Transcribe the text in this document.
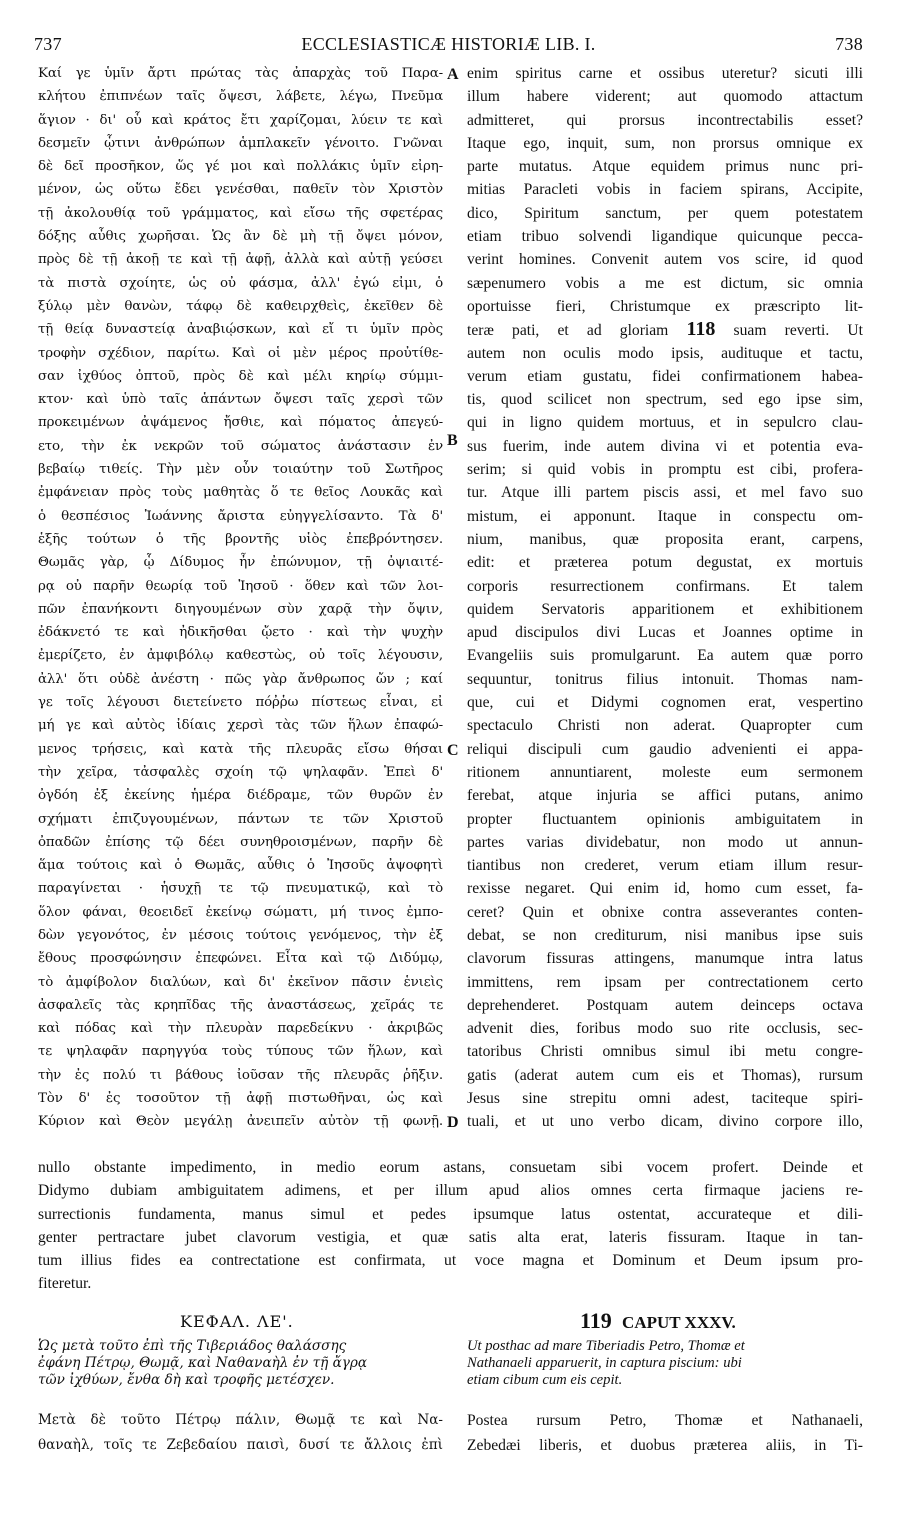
737	ECCLESIASTICÆ HISTORIÆ LIB. I.	738
Καί γε ὑμῖν ἄρτι πρώτας τὰς ἀπαρχὰς τοῦ Παρα-
κλήτου ἐπιπνέων ταῖς ὄψεσι, λάβετε, λέγω, Πνεῦμα
ἅγιον · δι' οὗ καὶ κράτος ἔτι χαρίζομαι, λύειν τε καὶ
δεσμεῖν ᾧτινι ἀνθρώπων ἁμπλακεῖν γένοιτο. Γνῶναι
δὲ δεῖ προσῆκον, ὥς γέ μοι καὶ πολλάκις ὑμῖν εἰρη-
μένον, ὡς οὕτω ἔδει γενέσθαι, παθεῖν τὸν Χριστὸν
τῇ ἀκολουθίᾳ τοῦ γράμματος, καὶ εἴσω τῆς σφετέρας
δόξης αὖθις χωρῆσαι. Ὡς ἂν δὲ μὴ τῇ ὄψει μόνον,
πρὸς δὲ τῇ ἀκοῇ τε καὶ τῇ ἀφῇ, ἀλλὰ καὶ αὐτῇ γεύσει
τὰ πιστὰ σχοίητε, ὡς οὐ φάσμα, ἀλλ' ἐγώ εἰμι, ὁ
ξύλῳ μὲν θανὼν, τάφῳ δὲ καθειρχθεὶς, ἐκεῖθεν δὲ
τῇ θείᾳ δυναστείᾳ ἀναβιῴσκων, καὶ εἴ τι ὑμῖν πρὸς
τροφὴν σχέδιον, παρίτω. Καὶ οἱ μὲν μέρος προὐτίθε-
σαν ἰχθύος ὀπτοῦ, πρὸς δὲ καὶ μέλι κηρίῳ σύμμι-
κτον· καὶ ὑπὸ ταῖς ἁπάντων ὄψεσι ταῖς χερσὶ τῶν
προκειμένων ἀψάμενος ἤσθιε, καὶ πόματος ἀπεγεύ-
ετο, τὴν ἐκ νεκρῶν τοῦ σώματος ἀνάστασιν ἐν
βεβαίῳ τιθείς. Τὴν μὲν οὖν τοιαύτην τοῦ Σωτῆρος
ἐμφάνειαν πρὸς τοὺς μαθητὰς ὅ τε θεῖος Λουκᾶς καὶ
ὁ θεσπέσιος Ἰωάννης ἄριστα εὐηγγελίσαντο. Τὰ δ'
ἑξῆς τούτων ὁ τῆς βροντῆς υἱὸς ἐπεβρόντησεν.
Θωμᾶς γὰρ, ᾧ Δίδυμος ἦν ἐπώνυμον, τῇ ὀψιαιτέ-
ρᾳ οὐ παρῆν θεωρίᾳ τοῦ Ἰησοῦ · ὅθεν καὶ τῶν λοι-
πῶν ἐπανήκοντι διηγουμένων σὺν χαρᾷ τὴν ὄψιν,
ἐδάκνετό τε καὶ ἠδικῆσθαι ᾤετο · καὶ τὴν ψυχὴν
ἐμερίζετο, ἐν ἀμφιβόλῳ καθεστὼς, οὐ τοῖς λέγουσιν,
ἀλλ' ὅτι οὐδὲ ἀνέστη · πῶς γὰρ ἄνθρωπος ὤν ; καί
γε τοῖς λέγουσι διετείνετο πόῤῥω πίστεως εἶναι, εἰ
μή γε καὶ αὐτὸς ἰδίαις χερσὶ τὰς τῶν ἥλων ἐπαφώ-
μενος τρήσεις, καὶ κατὰ τῆς πλευρᾶς εἴσω θήσαι
τὴν χεῖρα, τἀσφαλὲς σχοίη τῷ ψηλαφᾶν. Ἐπεὶ δ'
ὀγδόη ἐξ ἐκείνης ἡμέρα διέδραμε, τῶν θυρῶν ἐν
σχήματι ἐπιζυγουμένων, πάντων τε τῶν Χριστοῦ
ὀπαδῶν ἐπίσης τῷ δέει συνηθροισμένων, παρῆν δὲ
ἅμα τούτοις καὶ ὁ Θωμᾶς, αὖθις ὁ Ἰησοῦς ἀψοφητὶ
παραγίνεται · ἡσυχῇ τε τῷ πνευματικῷ, καὶ τὸ
ὅλον φάναι, θεοειδεῖ ἐκείνῳ σώματι, μή τινος ἐμπο-
δὼν γεγονότος, ἐν μέσοις τούτοις γενόμενος, τὴν ἐξ
ἔθους προσφώνησιν ἐπεφώνει. Εἶτα καὶ τῷ Διδύμῳ,
τὸ ἀμφίβολον διαλύων, καὶ δι' ἐκεῖνον πᾶσιν ἑνιεὶς
ἀσφαλεῖς τὰς κρηπῖδας τῆς ἀναστάσεως, χεῖράς τε
καὶ πόδας καὶ τὴν πλευρὰν παρεδείκνυ · ἀκριβῶς
τε ψηλαφᾶν παρηγγύα τοὺς τύπους τῶν ἥλων, καὶ
τὴν ἐς πολύ τι βάθους ἰοῦσαν τῆς πλευρᾶς ῥῆξιν.
Τὸν δ' ἐς τοσοῦτον τῇ ἀφῇ πιστωθῆναι, ὡς καὶ
Κύριον καὶ Θεὸν μεγάλῃ ἀνειπεῖν αὐτὸν τῇ φωνῇ.
enim spiritus carne et ossibus uteretur? sicuti illi
illum habere viderent; aut quomodo attactum
admitteret, qui prorsus incontrectabilis esset?
Itaque ego, inquit, sum, non prorsus omnique ex
parte mutatus. Atque equidem primus nunc pri-
mitias Paracleti vobis in faciem spirans, Accipite,
dico, Spiritum sanctum, per quem potestatem
etiam tribuo solvendi ligandique quicunque pecca-
verint homines. Convenit autem vos scire, id quod
sæpenumero vobis a me est dictum, sic omnia
oportuisse fieri, Christumque ex præscripto lit-
teræ pati, et ad gloriam 118 suam reverti. Ut
autem non oculis modo ipsis, audituque et tactu,
verum etiam gustatu, fidei confirmationem habea-
tis, quod scilicet non spectrum, sed ego ipse sim,
qui in ligno quidem mortuus, et in sepulcro clau-
sus fuerim, inde autem divina vi et potentia eva-
serim; si quid vobis in promptu est cibi, profera-
tur. Atque illi partem piscis assi, et mel favo suo
mistum, ei apponunt. Itaque in conspectu om-
nium, manibus, quæ proposita erant, carpens,
edit: et præterea potum degustat, ex mortuis
corporis resurrectionem confirmans. Et talem
quidem Servatoris apparitionem et exhibitionem
apud discipulos divi Lucas et Joannes optime in
Evangeliis suis promulgarunt. Ea autem quæ porro
sequuntur, tonitrus filius intonuit. Thomas nam-
que, cui et Didymi cognomen erat, vespertino
spectaculo Christi non aderat. Quapropter cum
reliqui discipuli cum gaudio advenienti ei appa-
ritionem annuntiarent, moleste eum sermonem
ferebat, atque injuria se affici putans, animo
propter fluctuantem opinionis ambiguitatem in
partes varias dividebatur, non modo ut annun-
tiantibus non crederet, verum etiam illum resur-
rexisse negaret. Qui enim id, homo cum esset, fa-
ceret? Quin et obnixe contra asseverantes conten-
debat, se non crediturum, nisi manibus ipse suis
clavorum fissuras attingens, manumque intra latus
immittens, rem ipsam per contrectationem certo
deprehenderet. Postquam autem deinceps octava
advenit dies, foribus modo suo rite occlusis, sec-
tatoribus Christi omnibus simul ibi metu congre-
gatis (aderat autem cum eis et Thomas), rursum
Jesus sine strepitu omni adest, taciteque spiri-
tuali, et ut uno verbo dicam, divino corpore illo,
A
B
C
D
nullo obstante impedimento, in medio eorum astans, consuetam sibi vocem profert. Deinde et
Didymo dubiam ambiguitatem adimens, et per illum apud alios omnes certa firmaque jaciens re-
surrectionis fundamenta, manus simul et pedes ipsumque latus ostentat, accurateque et dili-
genter pertractare jubet clavorum vestigia, et quæ satis alta erat, lateris fissuram. Itaque in tan-
tum illius fides ea contrectatione est confirmata, ut voce magna et Dominum et Deum ipsum pro-
fiteretur.
ΚΕΦΑΛ. ΛΕ'.	119 CAPUT XXXV.
Ὡς μετὰ τοῦτο ἐπὶ τῆς Τιβεριάδος θαλάσσης
ἐφάνη Πέτρῳ, Θωμᾷ, καὶ Ναθαναὴλ ἐν τῇ ἄγρᾳ
τῶν ἰχθύων, ἔνθα δὴ καὶ τροφῆς μετέσχεν.
Ut posthac ad mare Tiberiadis Petro, Thomæ et
Nathanaeli apparuerit, in captura piscium: ubi
etiam cibum cum eis cepit.
Μετὰ δὲ τοῦτο Πέτρῳ πάλιν, Θωμᾷ τε καὶ Να-
θαναὴλ, τοῖς τε Ζεβεδαίου παισὶ, δυσί τε ἄλλοις ἐπὶ
Postea rursum Petro, Thomæ et Nathanaeli,
Zebedæi liberis, et duobus præterea aliis, in Ti-
